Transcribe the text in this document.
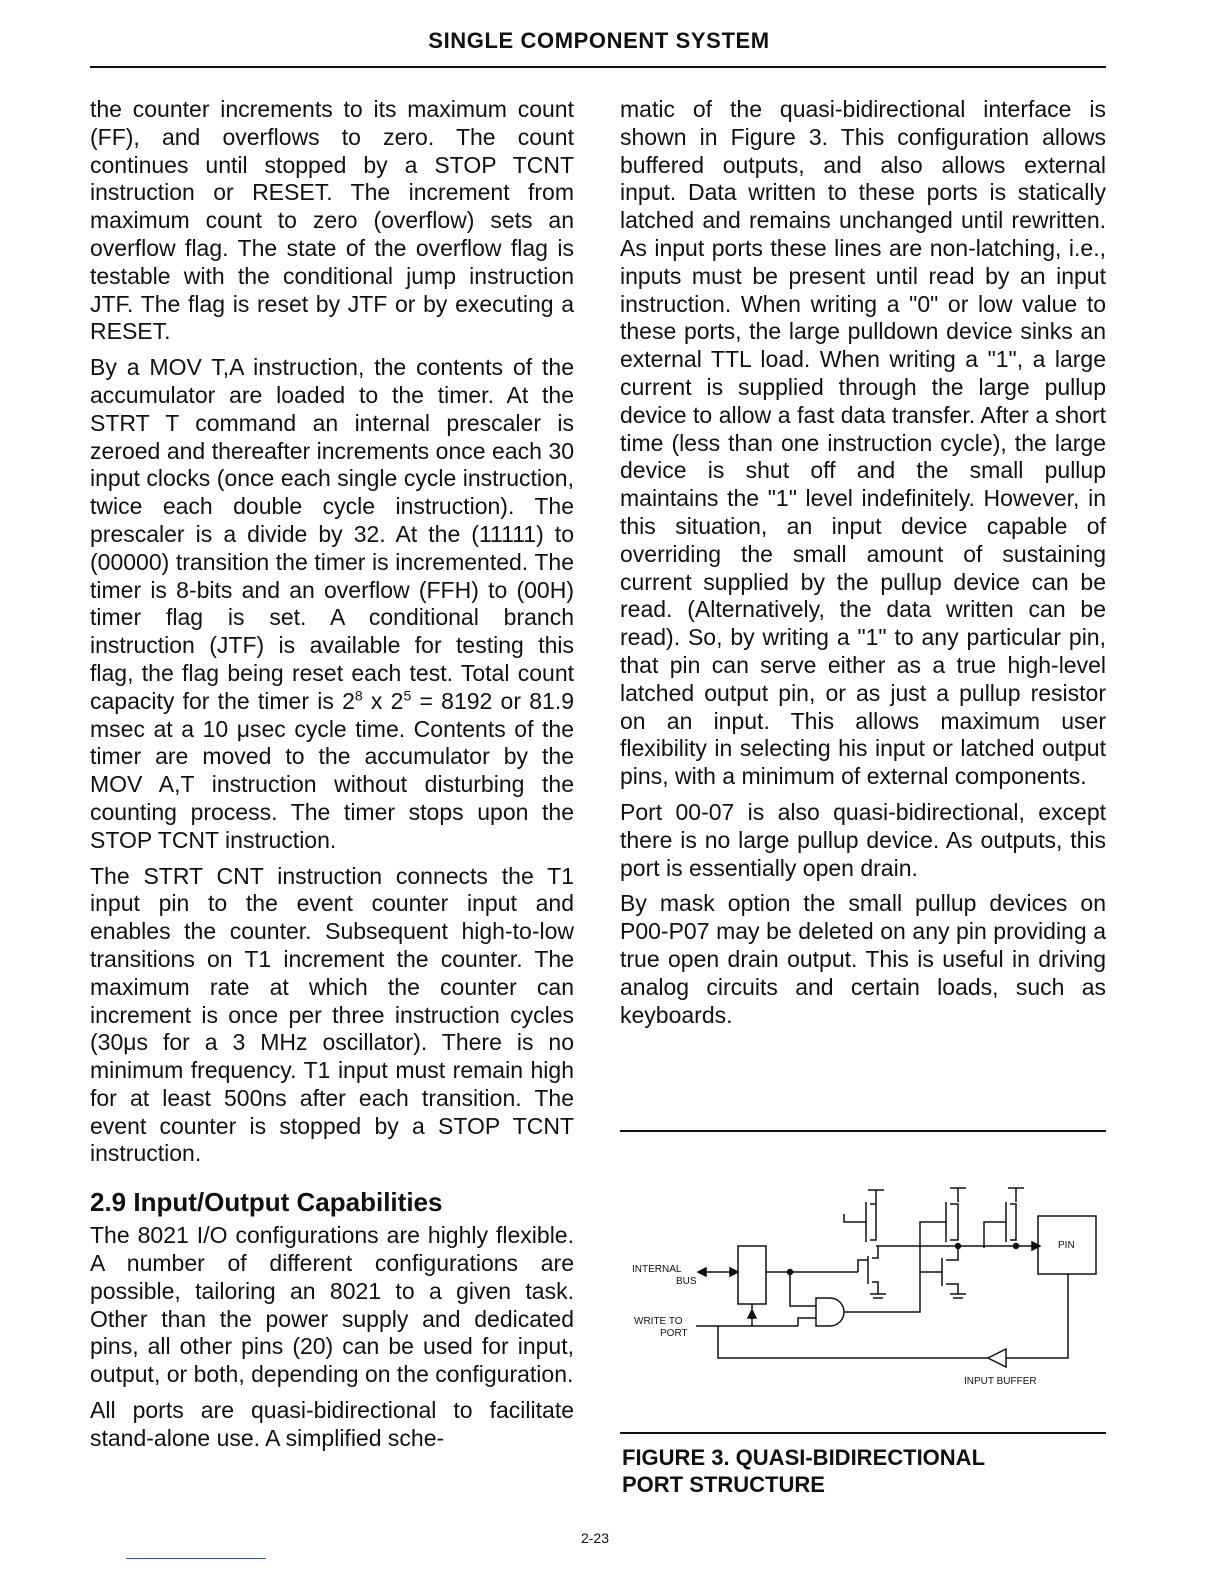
SINGLE COMPONENT SYSTEM

the counter increments to its maximum count (FF), and overflows to zero. The count continues until stopped by a STOP TCNT instruction or RESET. The increment from maximum count to zero (overflow) sets an overflow flag. The state of the overflow flag is testable with the conditional jump instruction JTF. The flag is reset by JTF or by executing a RESET.

By a MOV T,A instruction, the contents of the accumulator are loaded to the timer. At the STRT T command an internal prescaler is zeroed and thereafter increments once each 30 input clocks (once each single cycle instruction, twice each double cycle instruction). The prescaler is a divide by 32. At the (11111) to (00000) transition the timer is incremented. The timer is 8-bits and an overflow (FFH) to (00H) timer flag is set. A conditional branch instruction (JTF) is available for testing this flag, the flag being reset each test. Total count capacity for the timer is $2^8$ x $2^5 = 8192$ or 81.9 msec at a 10 μsec cycle time. Contents of the timer are moved to the accumulator by the MOV A,T instruction without disturbing the counting process. The timer stops upon the STOP TCNT instruction.

The STRT CNT instruction connects the T1 input pin to the event counter input and enables the counter. Subsequent high-to-low transitions on T1 increment the counter. The maximum rate at which the counter can increment is once per three instruction cycles (30μs for a 3 MHz oscillator). There is no minimum frequency. T1 input must remain high for at least 500ns after each transition. The event counter is stopped by a STOP TCNT instruction.

2.9 Input/Output Capabilities

The 8021 I/O configurations are highly flexible. A number of different configurations are possible, tailoring an 8021 to a given task. Other than the power supply and dedicated pins, all other pins (20) can be used for input, output, or both, depending on the configuration.

All ports are quasi-bidirectional to facilitate stand-alone use. A simplified sche-

matic of the quasi-bidirectional interface is shown in Figure 3. This configuration allows buffered outputs, and also allows external input. Data written to these ports is statically latched and remains unchanged until rewritten. As input ports these lines are non-latching, i.e., inputs must be present until read by an input instruction. When writing a "0" or low value to these ports, the large pulldown device sinks an external TTL load. When writing a "1", a large current is supplied through the large pullup device to allow a fast data transfer. After a short time (less than one instruction cycle), the large device is shut off and the small pullup maintains the "1" level indefinitely. However, in this situation, an input device capable of overriding the small amount of sustaining current supplied by the pullup device can be read. (Alternatively, the data written can be read). So, by writing a "1" to any particular pin, that pin can serve either as a true high-level latched output pin, or as just a pullup resistor on an input. This allows maximum user flexibility in selecting his input or latched output pins, with a minimum of external components.

Port 00-07 is also quasi-bidirectional, except there is no large pullup device. As outputs, this port is essentially open drain.

By mask option the small pullup devices on P00-P07 may be deleted on any pin providing a true open drain output. This is useful in driving analog circuits and certain loads, such as keyboards.

INTERNAL
BUS
WRITE TO
PORT
PIN
INPUT BUFFER
FIGURE 3. QUASI-BIDIRECTIONAL
PORT STRUCTURE
2-23
